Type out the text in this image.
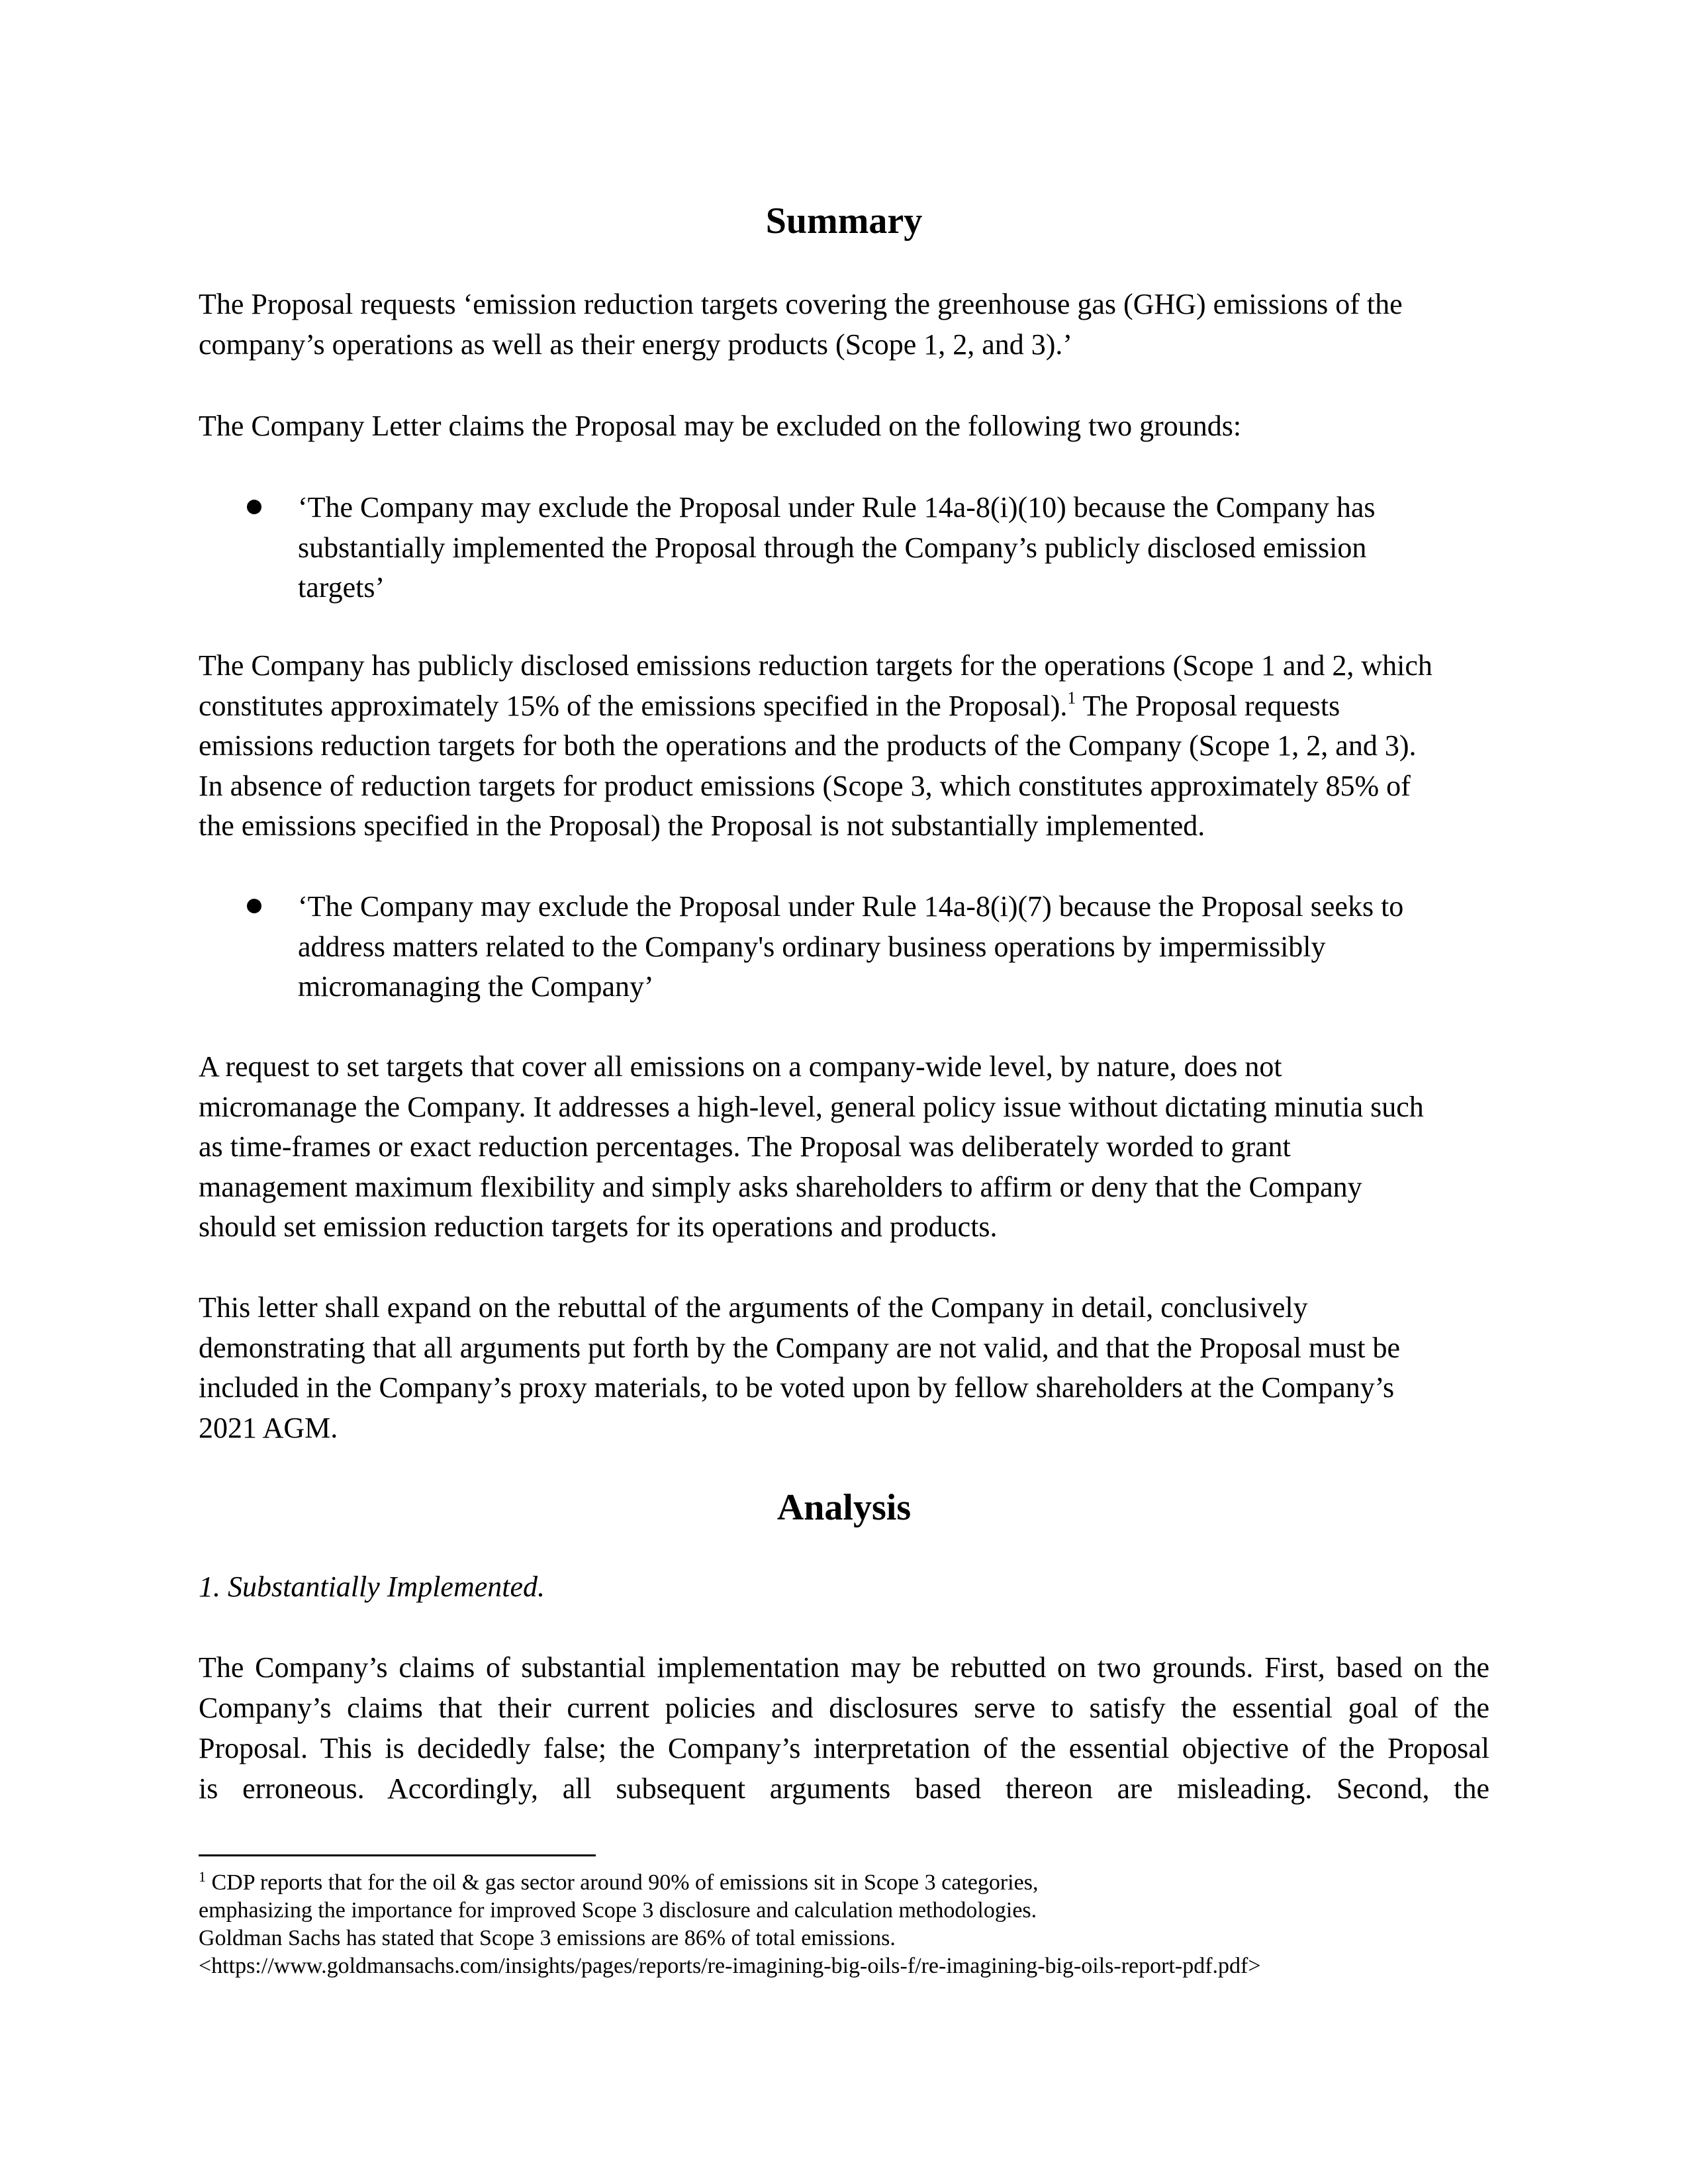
Summary

The Proposal requests ‘emission reduction targets covering the greenhouse gas (GHG) emissions of the
company’s operations as well as their energy products (Scope 1, 2, and 3).’

The Company Letter claims the Proposal may be excluded on the following two grounds:

‘The Company may exclude the Proposal under Rule 14a-8(i)(10) because the Company has
substantially implemented the Proposal through the Company’s publicly disclosed emission
targets’

The Company has publicly disclosed emissions reduction targets for the operations (Scope 1 and 2, which
constitutes approximately 15% of the emissions specified in the Proposal).$^1$ The Proposal requests
emissions reduction targets for both the operations and the products of the Company (Scope 1, 2, and 3).
In absence of reduction targets for product emissions (Scope 3, which constitutes approximately 85% of
the emissions specified in the Proposal) the Proposal is not substantially implemented.

‘The Company may exclude the Proposal under Rule 14a-8(i)(7) because the Proposal seeks to
address matters related to the Company's ordinary business operations by impermissibly
micromanaging the Company’

A request to set targets that cover all emissions on a company-wide level, by nature, does not
micromanage the Company. It addresses a high-level, general policy issue without dictating minutia such
as time-frames or exact reduction percentages. The Proposal was deliberately worded to grant
management maximum flexibility and simply asks shareholders to affirm or deny that the Company
should set emission reduction targets for its operations and products.

This letter shall expand on the rebuttal of the arguments of the Company in detail, conclusively
demonstrating that all arguments put forth by the Company are not valid, and that the Proposal must be
included in the Company’s proxy materials, to be voted upon by fellow shareholders at the Company’s
2021 AGM.

Analysis

1. Substantially Implemented.

The Company’s claims of substantial implementation may be rebutted on two grounds. First, based on the

Company’s claims that their current policies and disclosures serve to satisfy the essential goal of the

Proposal. This is decidedly false; the Company’s interpretation of the essential objective of the Proposal

is erroneous. Accordingly, all subsequent arguments based thereon are misleading. Second, the

$^1$ CDP reports that for the oil & gas sector around 90% of emissions sit in Scope 3 categories,
emphasizing the importance for improved Scope 3 disclosure and calculation methodologies.
Goldman Sachs has stated that Scope 3 emissions are 86% of total emissions.
<https://www.goldmansachs.com/insights/pages/reports/re-imagining-big-oils-f/re-imagining-big-oils-report-pdf.pdf>
